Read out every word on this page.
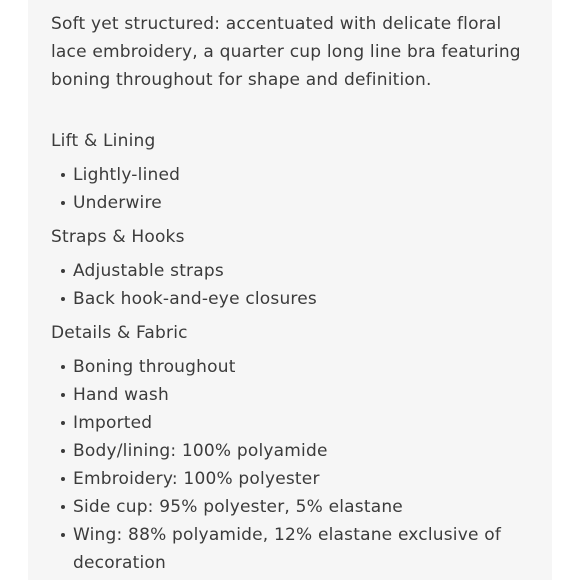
Soft yet structured: accentuated with delicate floral lace embroidery, a quarter cup long line bra featuring boning throughout for shape and definition.

Lift & Lining

Lightly-lined
Underwire

Straps & Hooks

Adjustable straps
Back hook-and-eye closures

Details & Fabric

Boning throughout
Hand wash
Imported
Body/lining: 100% polyamide
Embroidery: 100% polyester
Side cup: 95% polyester, 5% elastane
Wing: 88% polyamide, 12% elastane exclusive of decoration
